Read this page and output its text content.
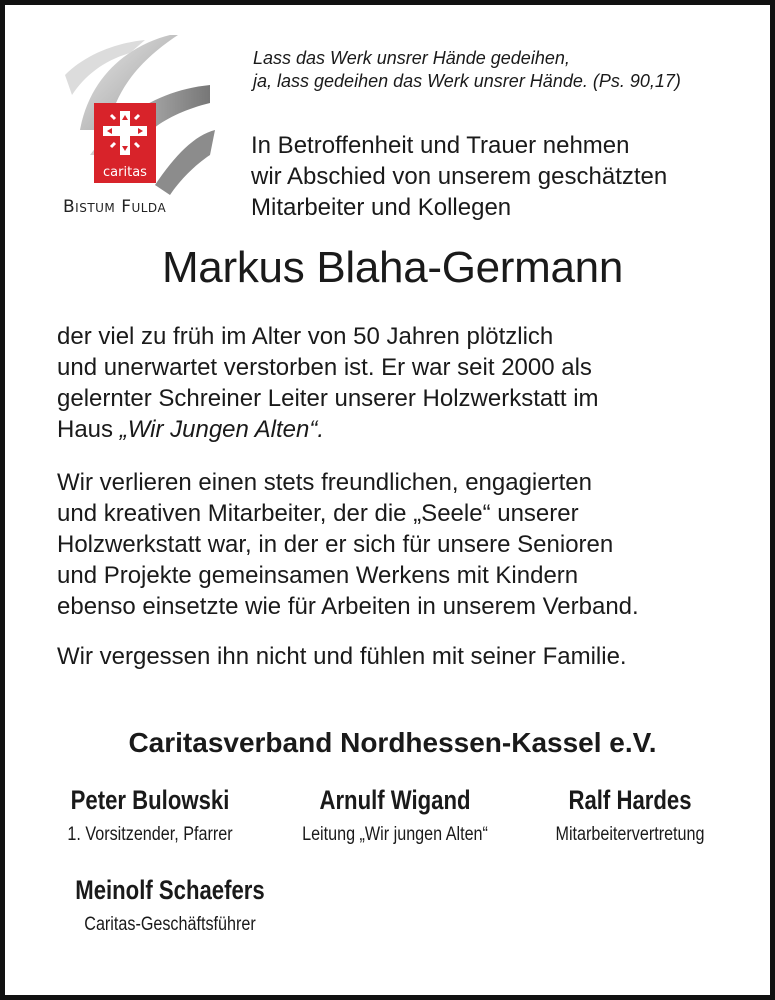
caritas
Bistum Fulda
Lass das Werk unsrer Hände gedeihen,
ja, lass gedeihen das Werk unsrer Hände. (Ps. 90,17)
In Betroffenheit und Trauer nehmen
wir Abschied von unserem geschätzten
Mitarbeiter und Kollegen
Markus Blaha-Germann
der viel zu früh im Alter von 50 Jahren plötzlich
und unerwartet verstorben ist. Er war seit 2000 als
gelernter Schreiner Leiter unserer Holzwerkstatt im
Haus „Wir Jungen Alten“.
Wir verlieren einen stets freundlichen, engagierten
und kreativen Mitarbeiter, der die „Seele“ unserer
Holzwerkstatt war, in der er sich für unsere Senioren
und Projekte gemeinsamen Werkens mit Kindern
ebenso einsetzte wie für Arbeiten in unserem Verband.
Wir vergessen ihn nicht und fühlen mit seiner Familie.
Caritasverband Nordhessen-Kassel e.V.
Peter Bulowski
1. Vorsitzender, Pfarrer
Arnulf Wigand
Leitung „Wir jungen Alten“
Ralf Hardes
Mitarbeitervertretung
Meinolf Schaefers
Caritas-Geschäftsführer
